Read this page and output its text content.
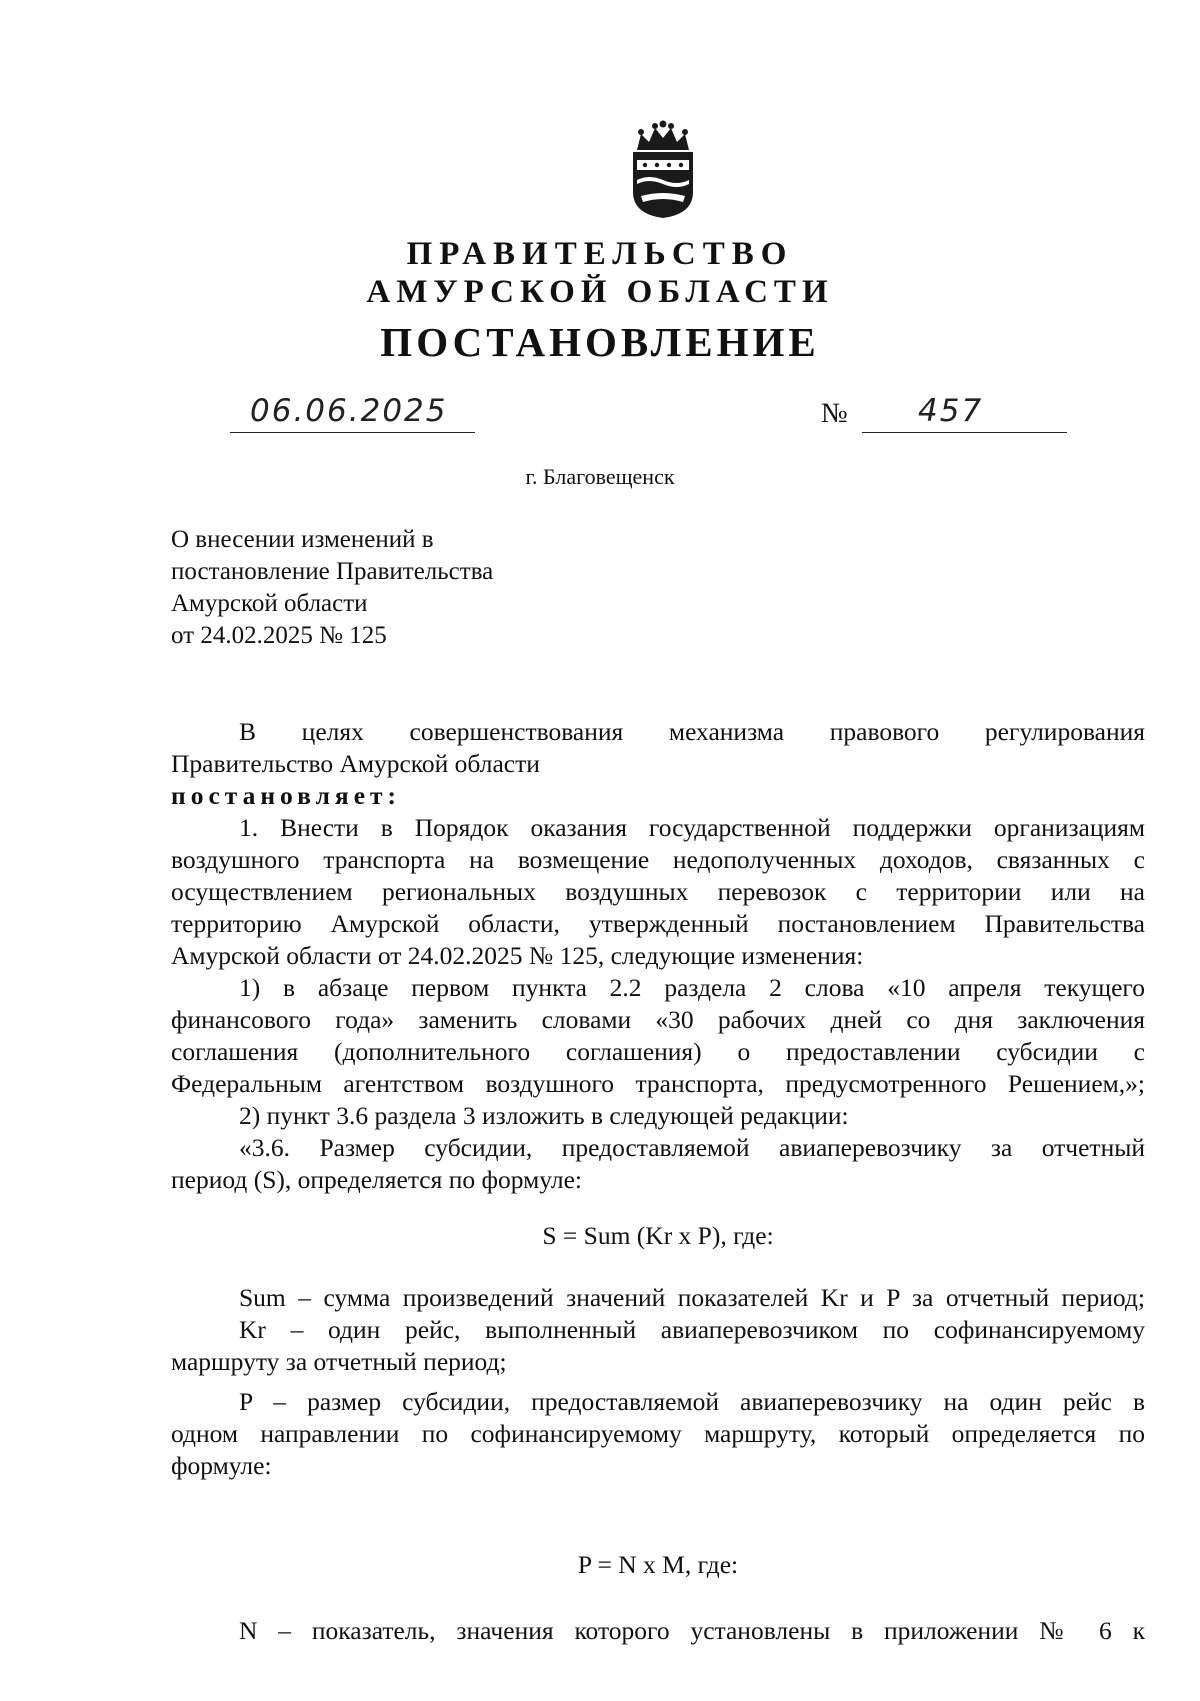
ПРАВИТЕЛЬСТВО
АМУРСКОЙ ОБЛАСТИ
ПОСТАНОВЛЕНИЕ
06.06.2025	№	457
г. Благовещенск
О внесении изменений в
постановление Правительства
Амурской области
от 24.02.2025 № 125
В целях совершенствования механизма правового регулирования
Правительство Амурской области
постановляет:
1. Внести в Порядок оказания государственной поддержки организациям
воздушного транспорта на возмещение недополученных доходов, связанных с
осуществлением региональных воздушных перевозок с территории или на
территорию Амурской области, утвержденный постановлением Правительства
Амурской области от 24.02.2025 № 125, следующие изменения:
1) в абзаце первом пункта 2.2 раздела 2 слова «10 апреля текущего
финансового года» заменить словами «30 рабочих дней со дня заключения
соглашения (дополнительного соглашения) о предоставлении субсидии с
Федеральным агентством воздушного транспорта, предусмотренного Решением,»;
2) пункт 3.6 раздела 3 изложить в следующей редакции:
«3.6. Размер субсидии, предоставляемой авиаперевозчику за отчетный
период (S), определяется по формуле:
S = Sum (Kr x P), где:
Sum – сумма произведений значений показателей Kr и P за отчетный период;
Kr – один рейс, выполненный авиаперевозчиком по софинансируемому
маршруту за отчетный период;
P – размер субсидии, предоставляемой авиаперевозчику на один рейс в
одном направлении по софинансируемому маршруту, который определяется по
формуле:
P = N x M, где:
N – показатель, значения которого установлены в приложении № 6 к
